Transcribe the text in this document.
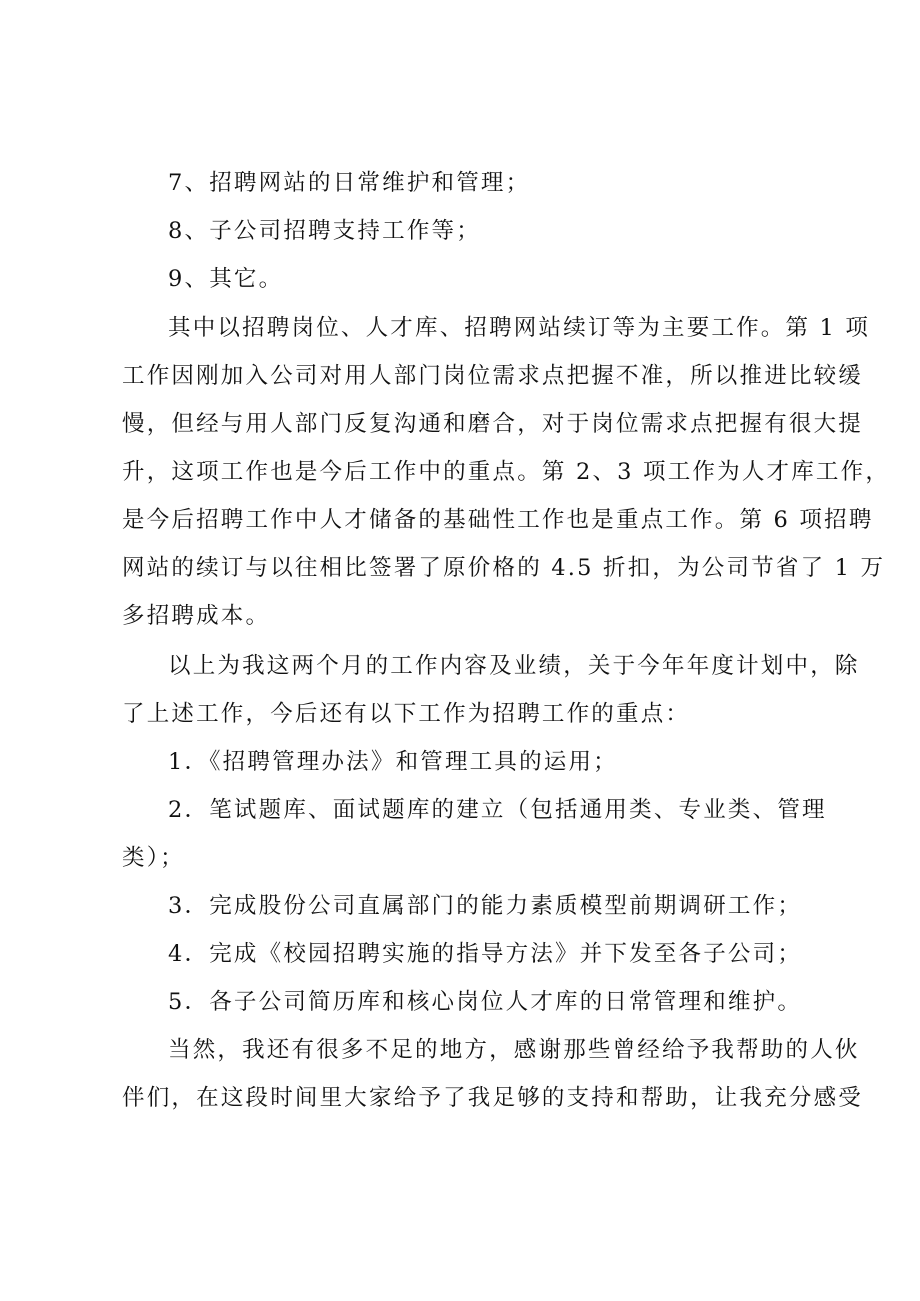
7、招聘网站的日常维护和管理；
8、子公司招聘支持工作等；
9、其它。
其中以招聘岗位、人才库、招聘网站续订等为主要工作。第 1 项
工作因刚加入公司对用人部门岗位需求点把握不准，所以推进比较缓
慢，但经与用人部门反复沟通和磨合，对于岗位需求点把握有很大提
升，这项工作也是今后工作中的重点。第 2、3 项工作为人才库工作，
是今后招聘工作中人才储备的基础性工作也是重点工作。第 6 项招聘
网站的续订与以往相比签署了原价格的 4.5 折扣，为公司节省了 1 万
多招聘成本。
以上为我这两个月的工作内容及业绩，关于今年年度计划中，除
了上述工作，今后还有以下工作为招聘工作的重点：
1．《招聘管理办法》和管理工具的运用；
2．笔试题库、面试题库的建立（包括通用类、专业类、管理
类）；
3．完成股份公司直属部门的能力素质模型前期调研工作；
4．完成《校园招聘实施的指导方法》并下发至各子公司；
5．各子公司简历库和核心岗位人才库的日常管理和维护。
当然，我还有很多不足的地方，感谢那些曾经给予我帮助的人伙
伴们，在这段时间里大家给予了我足够的支持和帮助，让我充分感受
